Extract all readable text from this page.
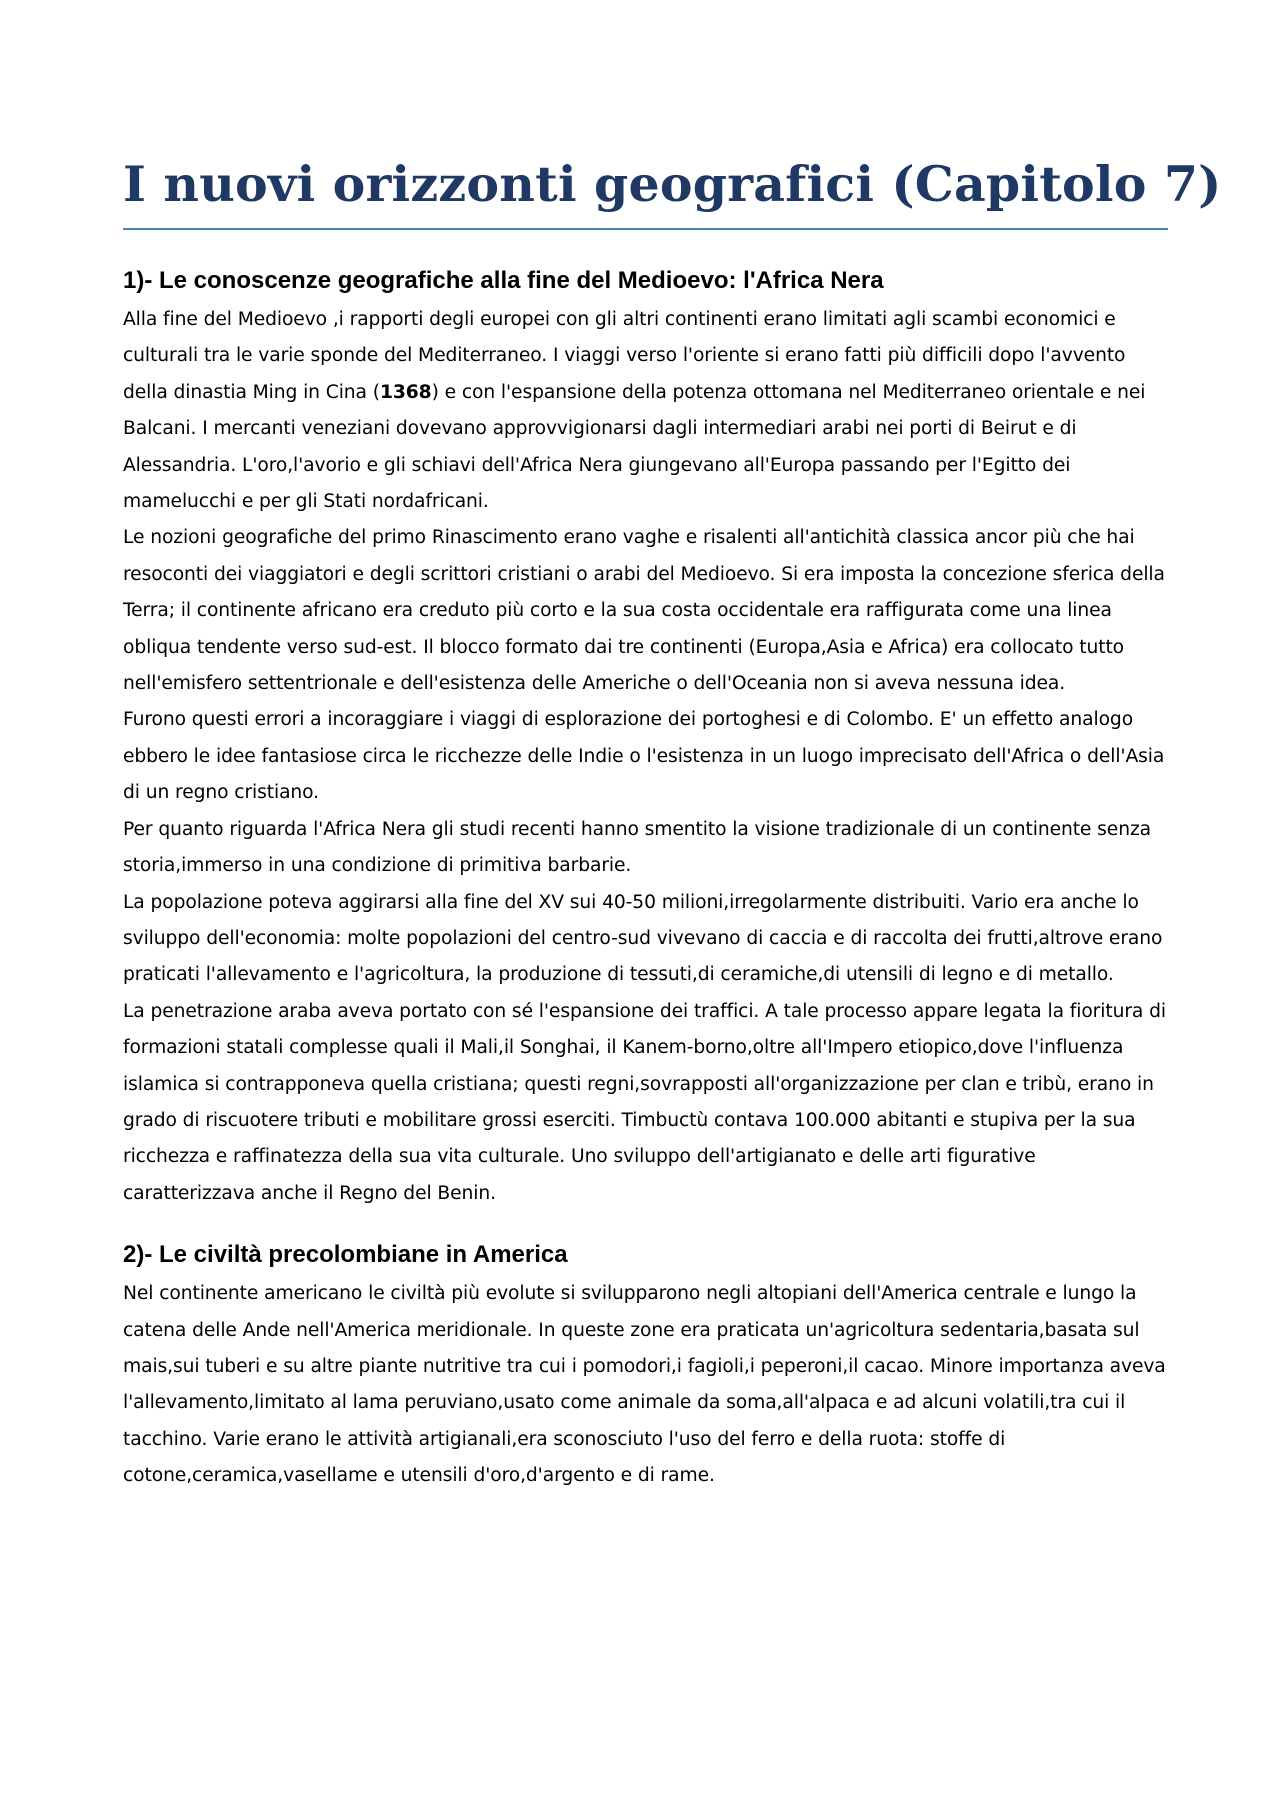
I nuovi orizzonti geografici (Capitolo 7)
1)- Le conoscenze geografiche alla fine del Medioevo: l'Africa Nera

Alla fine del Medioevo ,i rapporti degli europei con gli altri continenti erano limitati agli scambi economici e culturali tra le varie sponde del Mediterraneo. I viaggi verso l'oriente si erano fatti più difficili dopo l'avvento della dinastia Ming in Cina (1368) e con l'espansione della potenza ottomana nel Mediterraneo orientale e nei Balcani. I mercanti veneziani dovevano approvvigionarsi dagli intermediari arabi nei porti di Beirut e di Alessandria. L'oro,l'avorio e gli schiavi dell'Africa Nera giungevano all'Europa passando per l'Egitto dei mamelucchi e per gli Stati nordafricani.

Le nozioni geografiche del primo Rinascimento erano vaghe e risalenti all'antichità classica ancor più che hai resoconti dei viaggiatori e degli scrittori cristiani o arabi del Medioevo. Si era imposta la concezione sferica della Terra; il continente africano era creduto più corto e la sua costa occidentale era raffigurata come una linea obliqua tendente verso sud-est. Il blocco formato dai tre continenti (Europa,Asia e Africa) era collocato tutto nell'emisfero settentrionale e dell'esistenza delle Americhe o dell'Oceania non si aveva nessuna idea.

Furono questi errori a incoraggiare i viaggi di esplorazione dei portoghesi e di Colombo. E' un effetto analogo ebbero le idee fantasiose circa le ricchezze delle Indie o l'esistenza in un luogo imprecisato dell'Africa o dell'Asia di un regno cristiano.

Per quanto riguarda l'Africa Nera gli studi recenti hanno smentito la visione tradizionale di un continente senza storia,immerso in una condizione di primitiva barbarie.

La popolazione poteva aggirarsi alla fine del XV sui 40-50 milioni,irregolarmente distribuiti. Vario era anche lo sviluppo dell'economia: molte popolazioni del centro-sud vivevano di caccia e di raccolta dei frutti,altrove erano praticati l'allevamento e l'agricoltura, la produzione di tessuti,di ceramiche,di utensili di legno e di metallo.

La penetrazione araba aveva portato con sé l'espansione dei traffici. A tale processo appare legata la fioritura di formazioni statali complesse quali il Mali,il Songhai, il Kanem-borno,oltre all'Impero etiopico,dove l'influenza islamica si contrapponeva quella cristiana; questi regni,sovrapposti all'organizzazione per clan e tribù, erano in grado di riscuotere tributi e mobilitare grossi eserciti. Timbuctù contava 100.000 abitanti e stupiva per la sua ricchezza e raffinatezza della sua vita culturale. Uno sviluppo dell'artigianato e delle arti figurative caratterizzava anche il Regno del Benin.

2)- Le civiltà precolombiane in America

Nel continente americano le civiltà più evolute si svilupparono negli altopiani dell'America centrale e lungo la catena delle Ande nell'America meridionale. In queste zone era praticata un'agricoltura sedentaria,basata sul mais,sui tuberi e su altre piante nutritive tra cui i pomodori,i fagioli,i peperoni,il cacao. Minore importanza aveva l'allevamento,limitato al lama peruviano,usato come animale da soma,all'alpaca e ad alcuni volatili,tra cui il tacchino. Varie erano le attività artigianali,era sconosciuto l'uso del ferro e della ruota: stoffe di cotone,ceramica,vasellame e utensili d'oro,d'argento e di rame.
